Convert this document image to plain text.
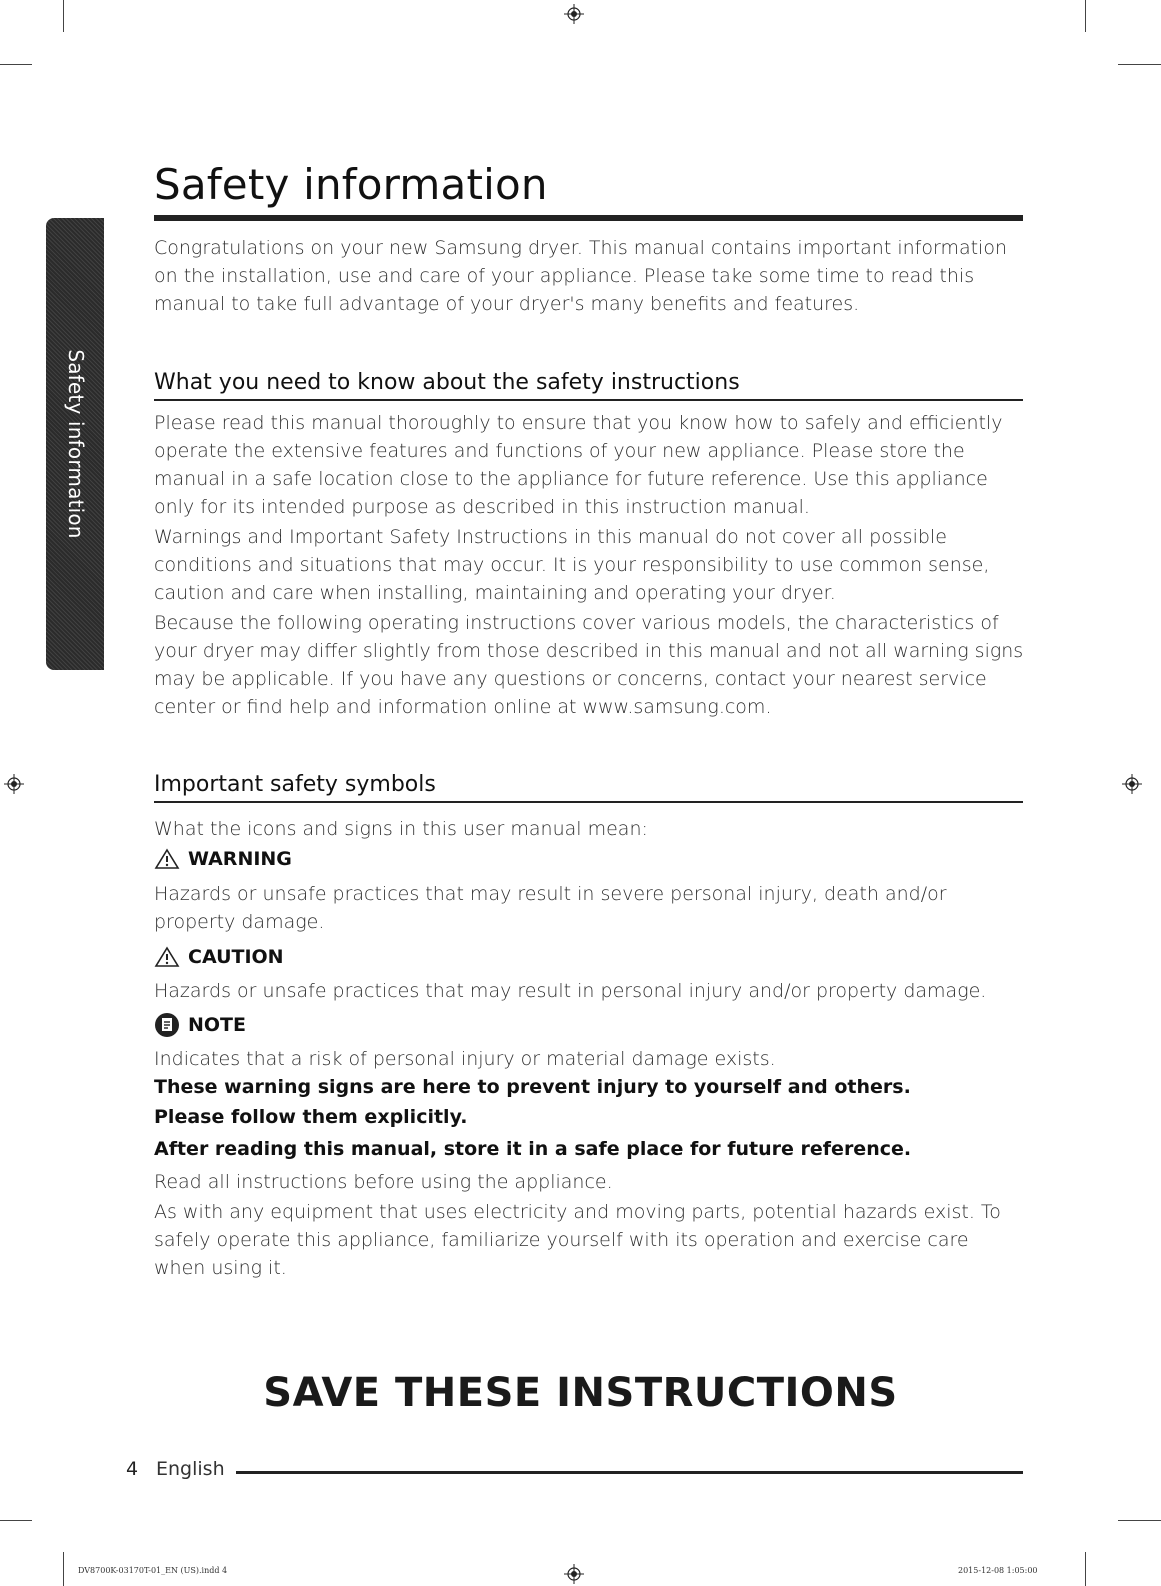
Safety information
Safety information

Congratulations on your new Samsung dryer. This manual contains important information on the installation, use and care of your appliance. Please take some time to read this manual to take full advantage of your dryer's many benefits and features.

What you need to know about the safety instructions

Please read this manual thoroughly to ensure that you know how to safely and efficiently operate the extensive features and functions of your new appliance. Please store the manual in a safe location close to the appliance for future reference. Use this appliance only for its intended purpose as described in this instruction manual.

Warnings and Important Safety Instructions in this manual do not cover all possible conditions and situations that may occur. It is your responsibility to use common sense, caution and care when installing, maintaining and operating your dryer.

Because the following operating instructions cover various models, the characteristics of your dryer may differ slightly from those described in this manual and not all warning signs may be applicable. If you have any questions or concerns, contact your nearest service center or find help and information online at www.samsung.com.

Important safety symbols

What the icons and signs in this user manual mean:

WARNING

Hazards or unsafe practices that may result in severe personal injury, death and/or property damage.

CAUTION

Hazards or unsafe practices that may result in personal injury and/or property damage.

NOTE

Indicates that a risk of personal injury or material damage exists.

These warning signs are here to prevent injury to yourself and others.
Please follow them explicitly.
After reading this manual, store it in a safe place for future reference.

Read all instructions before using the appliance.

As with any equipment that uses electricity and moving parts, potential hazards exist. To safely operate this appliance, familiarize yourself with its operation and exercise care when using it.

SAVE THESE INSTRUCTIONS
4 English
DV8700K-03170T-01_EN (US).indd 4	2015-12-08 1:05:00
